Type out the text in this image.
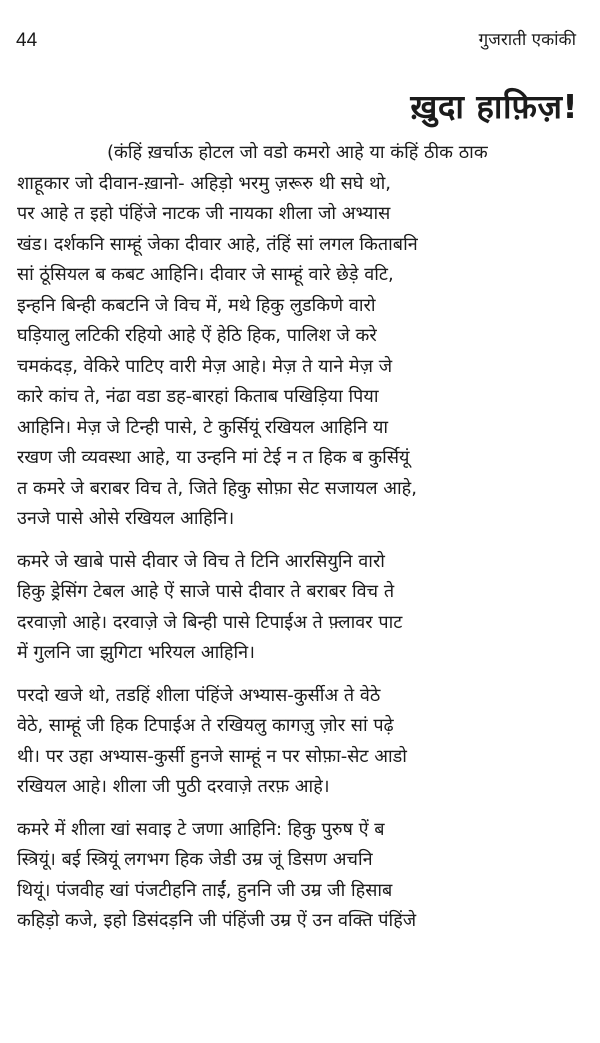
44	गुजराती एकांकी
ख़ुदा हाफ़िज़!

(कंहिं ख़र्चाऊ होटल जो वडो कमरो आहे या कंहिं ठीक ठाक
शाहूकार जो दीवान-ख़ानो- अहिड़ो भरमु ज़रूरु थी सघे थो,
पर आहे त इहो पंहिंजे नाटक जी नायका शीला जो अभ्यास
खंड। दर्शकनि साम्हूं जेका दीवार आहे, तंहिं सां लगल किताबनि
सां ठूंसियल ब कबट आहिनि। दीवार जे साम्हूं वारे छेड़े वटि,
इन्हनि बिन्ही कबटनि जे विच में, मथे हिकु लुडकिणे वारो
घड़ियालु लटिकी रहियो आहे ऐं हेठि हिक, पालिश जे करे
चमकंदड़, वेकिरे पाटिए वारी मेज़ आहे। मेज़ ते याने मेज़ जे
कारे कांच ते, नंढा वडा डह-बारहां किताब पखिड़िया पिया
आहिनि। मेज़ जे टिन्ही पासे, टे कुर्सियूं रखियल आहिनि या
रखण जी व्यवस्था आहे, या उन्हनि मां टेई न त हिक ब कुर्सियूं
त कमरे जे बराबर विच ते, जिते हिकु सोफ़ा सेट सजायल आहे,
उनजे पासे ओसे रखियल आहिनि।

कमरे जे खाबे पासे दीवार जे विच ते टिनि आरसियुनि वारो
हिकु ड्रेसिंग टेबल आहे ऐं साजे पासे दीवार ते बराबर विच ते
दरवाज़ो आहे। दरवाज़े जे बिन्ही पासे टिपाईअ ते फ़्लावर पाट
में गुलनि जा झुगिटा भरियल आहिनि।

परदो खजे थो, तडहिं शीला पंहिंजे अभ्यास-कुर्सीअ ते वेठे
वेठे, साम्हूं जी हिक टिपाईअ ते रखियलु कागज़ु ज़ोर सां पढ़े
थी। पर उहा अभ्यास-कुर्सी हुनजे साम्हूं न पर सोफ़ा-सेट आडो
रखियल आहे। शीला जी पुठी दरवाज़े तरफ़ आहे।

कमरे में शीला खां सवाइ टे जणा आहिनि: हिकु पुरुष ऐं ब
स्त्रियूं। बई स्त्रियूं लगभग हिक जेडी उम्र जूं डिसण अचनि
थियूं। पंजवीह खां पंजटीहनि ताईं, हुननि जी उम्र जी हिसाब
कहिड़ो कजे, इहो डिसंदड़नि जी पंहिंजी उम्र ऐं उन वक्ति पंहिंजे
